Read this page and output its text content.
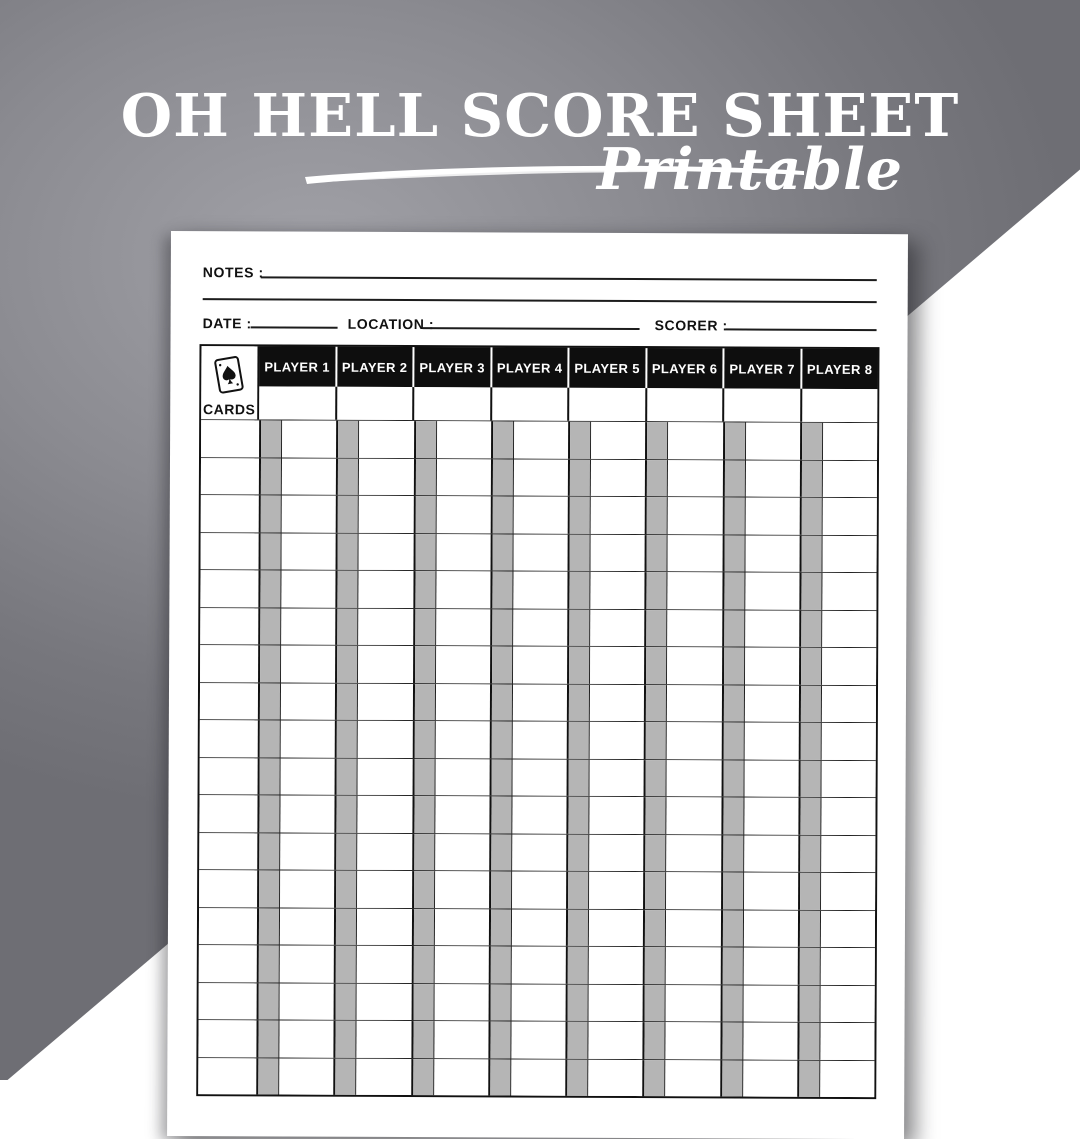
OH HELL SCORE SHEET
Printable
NOTES :
DATE :	LOCATION :	SCORER :
CARDS
PLAYER 1 PLAYER 2 PLAYER 3 PLAYER 4 PLAYER 5 PLAYER 6 PLAYER 7 PLAYER 8
